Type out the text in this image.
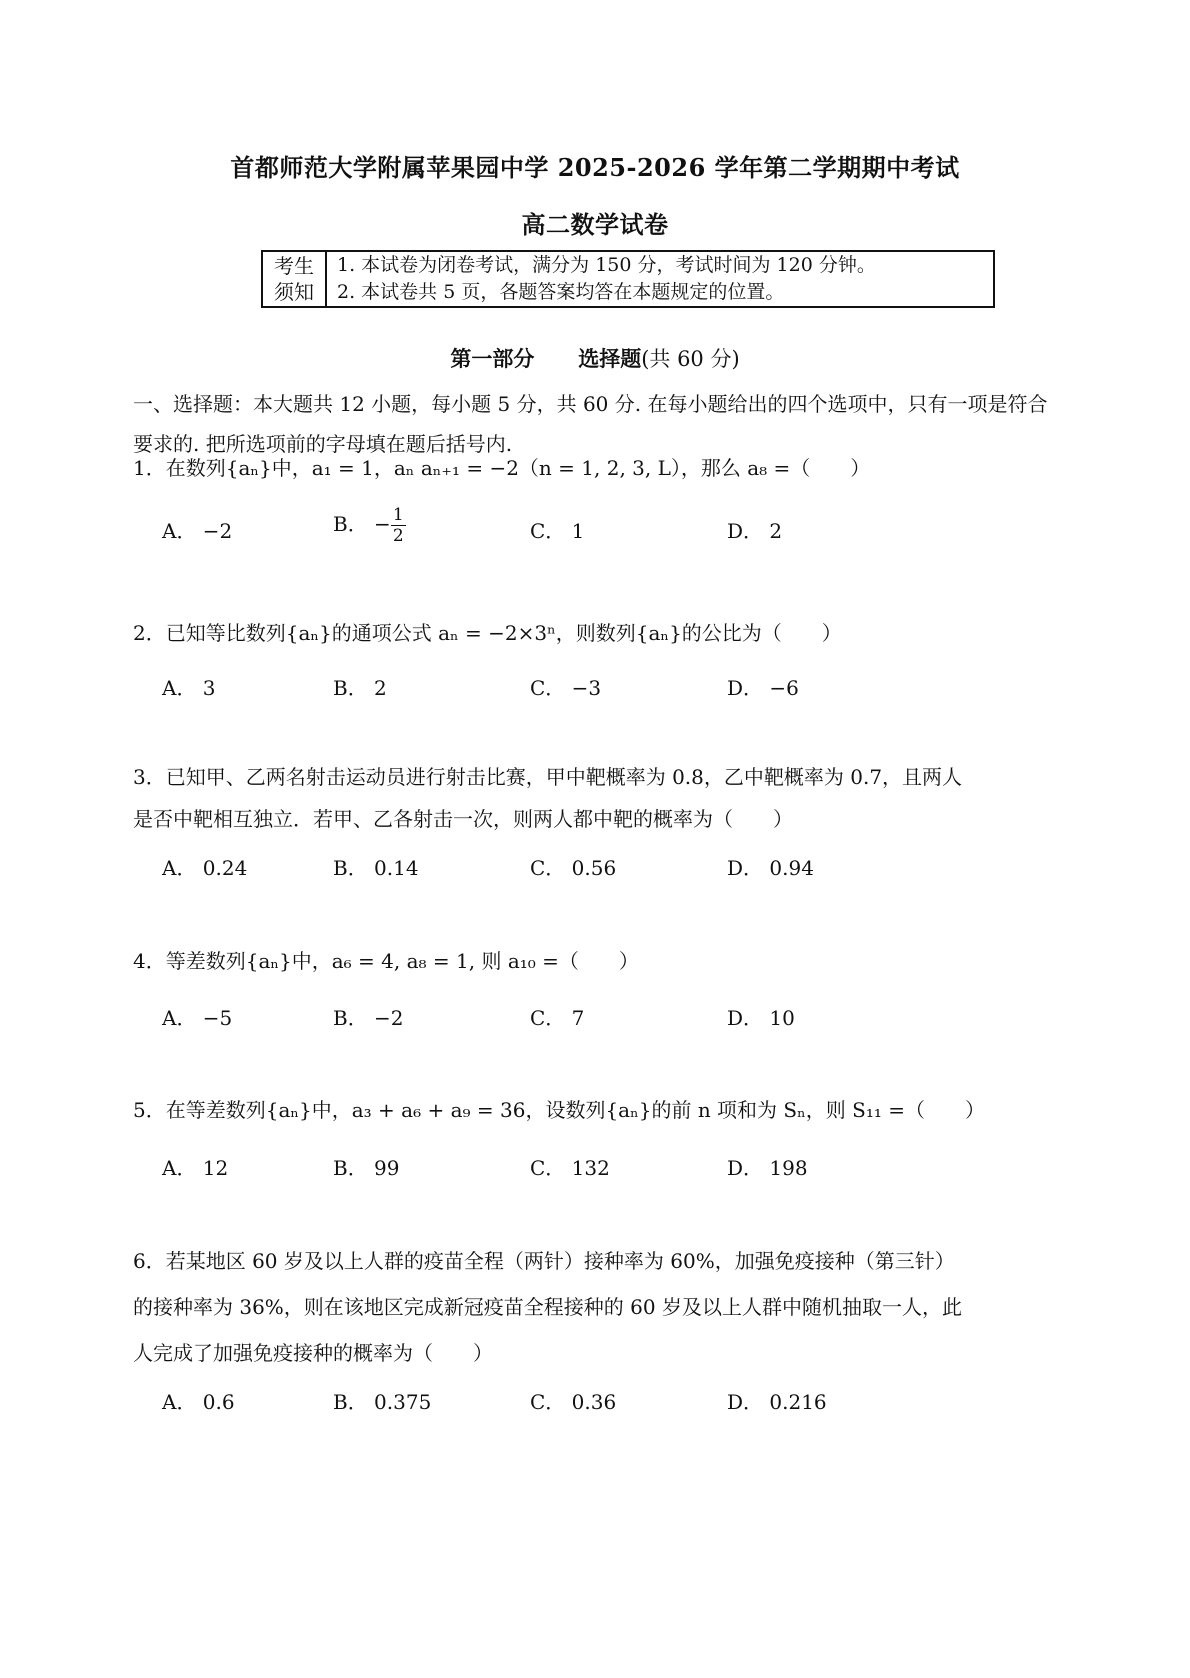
首都师范大学附属苹果园中学 2025-2026 学年第二学期期中考试
高二数学试卷
考生
须知
1. 本试卷为闭卷考试，满分为 150 分，考试时间为 120 分钟。
2. 本试卷共 5 页，各题答案均答在本题规定的位置。
第一部分 选择题(共 60 分)
一、选择题：本大题共 12 小题，每小题 5 分，共 60 分. 在每小题给出的四个选项中，只有一项是符合要求的. 把所选项前的字母填在题后括号内.
1．在数列{aₙ}中，a₁ = 1，aₙ aₙ₊₁ = −2（n = 1, 2, 3, L），那么 a₈ =（　　）
A． −2	B． − $\frac{1}{2}$	C． 1	D． 2
2．已知等比数列{aₙ}的通项公式 aₙ = −2×3ⁿ，则数列{aₙ}的公比为（　　）
A． 3	B． 2	C． −3	D． −6
3．已知甲、乙两名射击运动员进行射击比赛，甲中靶概率为 0.8，乙中靶概率为 0.7，且两人
是否中靶相互独立．若甲、乙各射击一次，则两人都中靶的概率为（　　）
A． 0.24	B． 0.14	C． 0.56	D． 0.94
4．等差数列{aₙ}中，a₆ = 4, a₈ = 1, 则 a₁₀ =（　　）
A． −5	B． −2	C． 7	D． 10
5．在等差数列{aₙ}中，a₃ + a₆ + a₉ = 36，设数列{aₙ}的前 n 项和为 Sₙ，则 S₁₁ =（　　）
A． 12	B． 99	C． 132	D． 198
6．若某地区 60 岁及以上人群的疫苗全程（两针）接种率为 60%，加强免疫接种（第三针）
的接种率为 36%，则在该地区完成新冠疫苗全程接种的 60 岁及以上人群中随机抽取一人，此
人完成了加强免疫接种的概率为（　　）
A． 0.6	B． 0.375	C． 0.36	D． 0.216
